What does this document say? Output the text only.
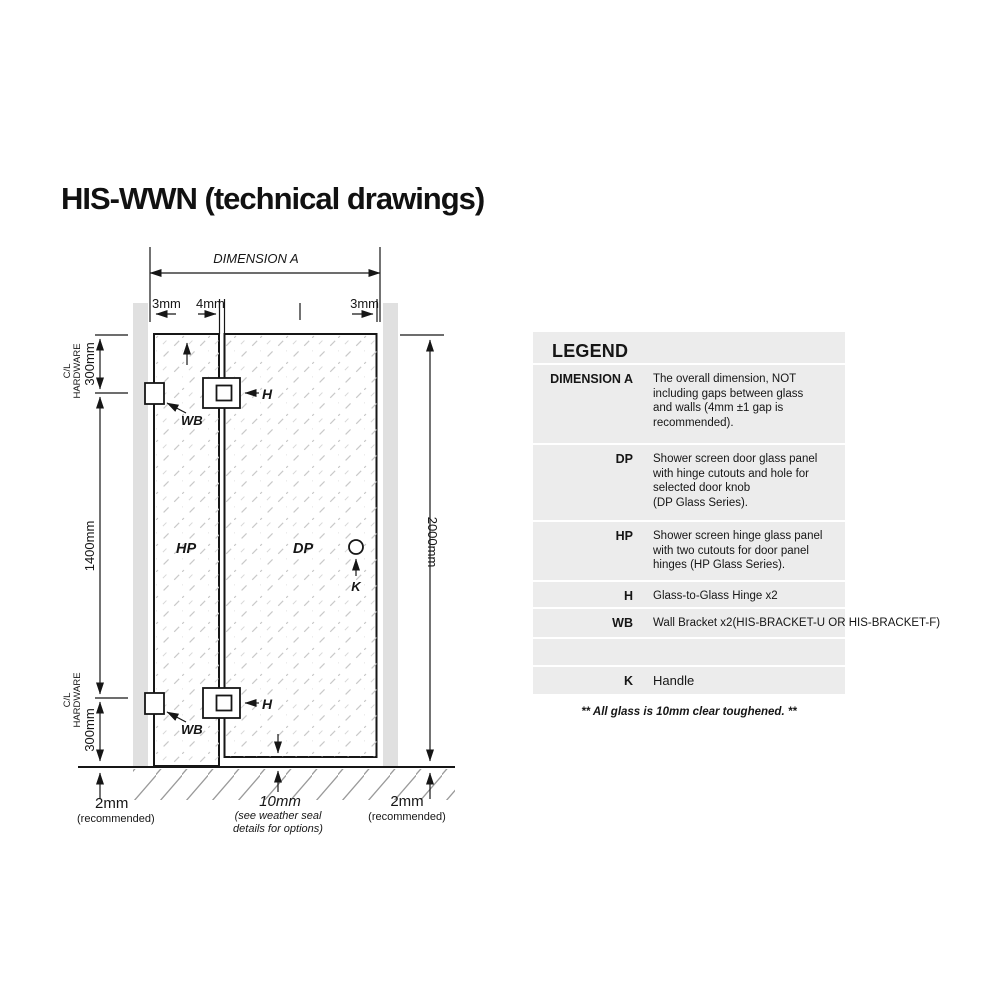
HIS-WWN (technical drawings)
DIMENSION A
3mm 4mm	3mm
300mm
1400mm
300mm
C/L HARDWARE
C/L HARDWARE
2mm
(recommended)
2000mm
2mm
(recommended)
10mm
(see weather seal
details for options)
H
WB
H
WB
HP	DP
K
LEGEND
DIMENSION A The overall dimension, NOT
including gaps between glass
and walls (4mm ±1 gap is
recommended).
DP Shower screen door glass panel
with hinge cutouts and hole for
selected door knob
(DP Glass Series).
HP Shower screen hinge glass panel
with two cutouts for door panel
hinges (HP Glass Series).
H Glass-to-Glass Hinge x2
WB Wall Bracket x2(HIS-BRACKET-U OR HIS-BRACKET-F)
K Handle
** All glass is 10mm clear toughened. **
